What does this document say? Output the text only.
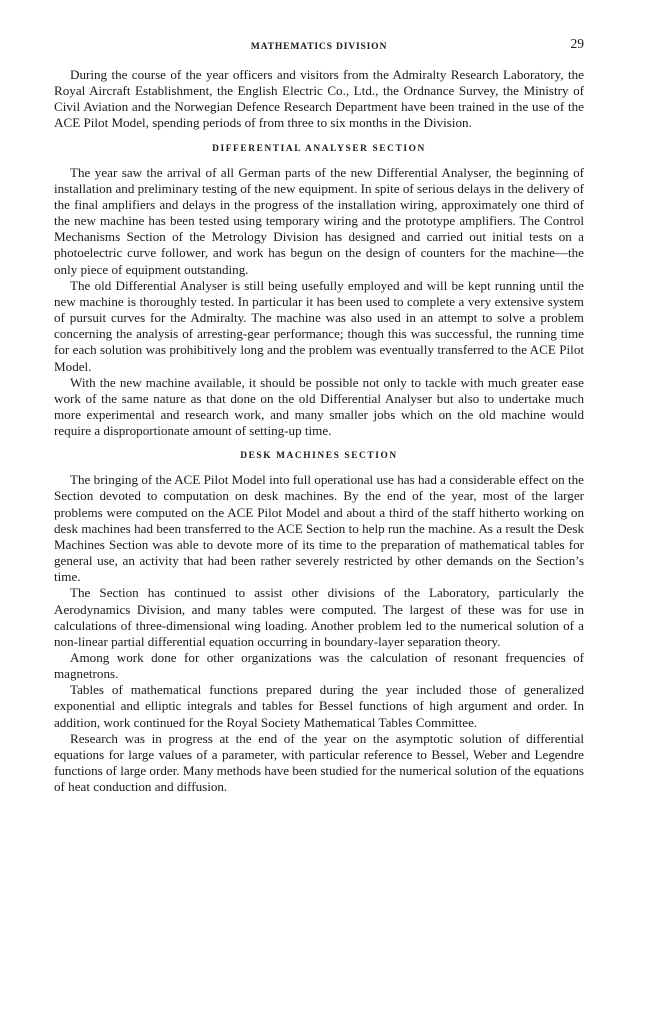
MATHEMATICS DIVISION	29

During the course of the year officers and visitors from the Admiralty Research Laboratory, the Royal Aircraft Establishment, the English Electric Co., Ltd., the Ordnance Survey, the Ministry of Civil Aviation and the Norwegian Defence Research Department have been trained in the use of the ACE Pilot Model, spending periods of from three to six months in the Division.

DIFFERENTIAL ANALYSER SECTION

The year saw the arrival of all German parts of the new Differential Analyser, the beginning of installation and preliminary testing of the new equipment. In spite of serious delays in the delivery of the final amplifiers and delays in the progress of the installation wiring, approximately one third of the new machine has been tested using temporary wiring and the prototype amplifiers. The Control Mechanisms Section of the Metrology Division has designed and carried out initial tests on a photoelectric curve follower, and work has begun on the design of counters for the machine—the only piece of equipment outstanding.

The old Differential Analyser is still being usefully employed and will be kept running until the new machine is thoroughly tested. In particular it has been used to complete a very extensive system of pursuit curves for the Admiralty. The machine was also used in an attempt to solve a problem concerning the analysis of arresting-gear performance; though this was successful, the running time for each solution was prohibitively long and the problem was eventually transferred to the ACE Pilot Model.

With the new machine available, it should be possible not only to tackle with much greater ease work of the same nature as that done on the old Differential Analyser but also to undertake much more experimental and research work, and many smaller jobs which on the old machine would require a disproportionate amount of setting-up time.

DESK MACHINES SECTION

The bringing of the ACE Pilot Model into full operational use has had a considerable effect on the Section devoted to computation on desk machines. By the end of the year, most of the larger problems were computed on the ACE Pilot Model and about a third of the staff hitherto working on desk machines had been transferred to the ACE Section to help run the machine. As a result the Desk Machines Section was able to devote more of its time to the preparation of mathematical tables for general use, an activity that had been rather severely restricted by other demands on the Section’s time.

The Section has continued to assist other divisions of the Laboratory, particularly the Aerodynamics Division, and many tables were computed. The largest of these was for use in calculations of three-dimensional wing loading. Another problem led to the numerical solution of a non-linear partial differential equation occurring in boundary-layer separation theory.

Among work done for other organizations was the calculation of resonant frequencies of magnetrons.

Tables of mathematical functions prepared during the year included those of generalized exponential and elliptic integrals and tables for Bessel functions of high argument and order. In addition, work continued for the Royal Society Mathematical Tables Committee.

Research was in progress at the end of the year on the asymptotic solution of differential equations for large values of a parameter, with particular reference to Bessel, Weber and Legendre functions of large order. Many methods have been studied for the numerical solution of the equations of heat conduction and diffusion.
